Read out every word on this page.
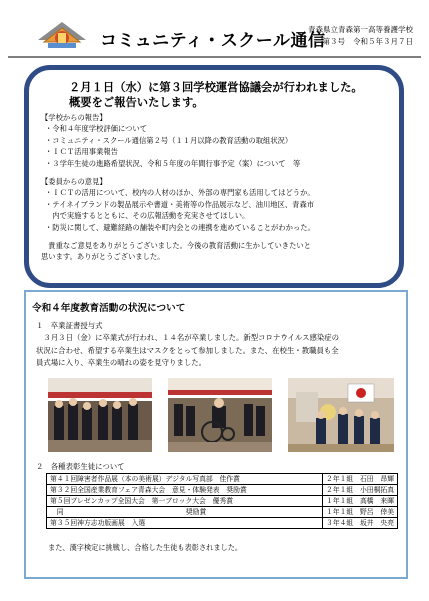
コミュニティ・スクール通信
青森県立青森第一高等養護学校
第３号 令和５年３月７日
２月１日（水）に第３回学校運営協議会が行われました。
概要をご報告いたします。

【学校からの報告】

・令和４年度学校評価について

・コミュニティ・スクール通信第２号（１１月以降の教育活動の取組状況）

・ＩＣＴ活用事業報告

・３学年生徒の進路希望状況、令和５年度の年間行事予定（案）について　等

【委員からの意見】

・ＩＣＴの活用について、校内の人材のほか、外部の専門家も活用してはどうか。

・テイネイブランドの製品展示や書道・美術等の作品展示など、油川地区、青森市

　内で実施するとともに、その広報活動を充実させてほしい。

・防災に関して、避難経路の舗装や町内会との連携を進めていることがわかった。

　貴重なご意見をありがとうございました。今後の教育活動に生かしていきたいと

思います。ありがとうございました。

令和４年度教育活動の状況について

１　卒業証書授与式

　３月３日（金）に卒業式が行われ、１４名が卒業しました。新型コロナウイルス感染症の

状況に合わせ、希望する卒業生はマスクをとって参加しました。また、在校生・教職員も全

員式場に入り、卒業生の晴れの姿を見守りました。

２　各種表彰生徒について
第４１回障害者作品展（本の美術展）デジタル写真部　佳作賞	２年１組　 石田　昂輝
第３２回全国産業教育フェア青森大会　意見・体験発表　奨励賞	２年１組　 小田桐拓真
第５回プレゼンカップ全国大会　第一ブロック大会　優秀賞	１年１組　 高橋　来暉
　同　　　　　　　　　　　　　　　　　　奨励賞	１年１組　 野呂　倖美
第３５回神方志功版画展　入選	３年４組　 坂井　央亮
また、漢字検定に挑戦し、合格した生徒も表彰されました。
